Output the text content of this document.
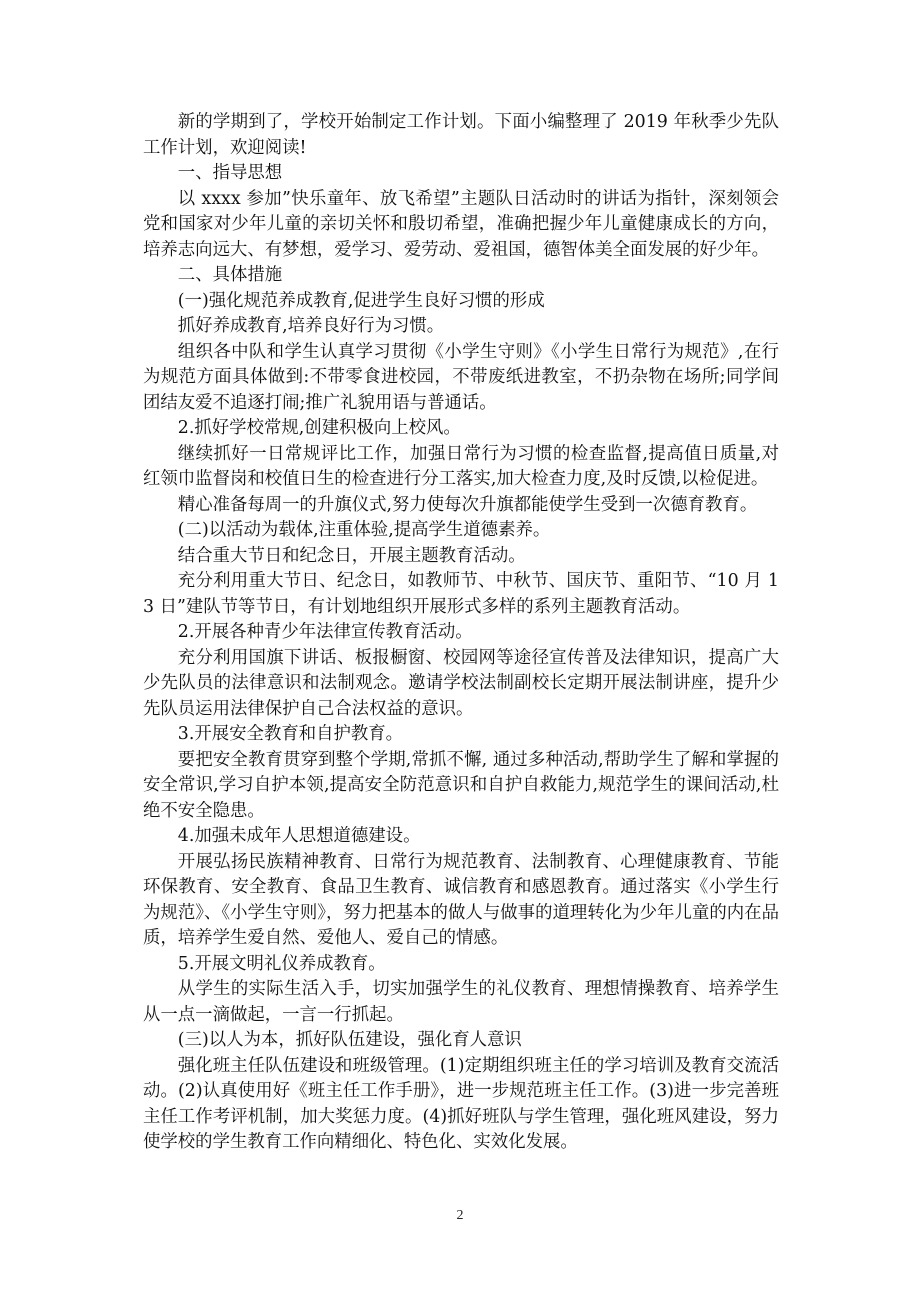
新的学期到了，学校开始制定工作计划。下面小编整理了 2019 年秋季少先队工作计划，欢迎阅读!

一、指导思想

以 xxxx 参加”快乐童年、放飞希望”主题队日活动时的讲话为指针，深刻领会党和国家对少年儿童的亲切关怀和殷切希望，准确把握少年儿童健康成长的方向，培养志向远大、有梦想，爱学习、爱劳动、爱祖国，德智体美全面发展的好少年。

二、具体措施

(一)强化规范养成教育,促进学生良好习惯的形成

抓好养成教育,培养良好行为习惯。

组织各中队和学生认真学习贯彻《小学生守则》《小学生日常行为规范》,在行为规范方面具体做到:不带零食进校园，不带废纸进教室，不扔杂物在场所;同学间团结友爱不追逐打闹;推广礼貌用语与普通话。

2.抓好学校常规,创建积极向上校风。

继续抓好一日常规评比工作，加强日常行为习惯的检查监督,提高值日质量,对红领巾监督岗和校值日生的检查进行分工落实,加大检查力度,及时反馈,以检促进。

精心准备每周一的升旗仪式,努力使每次升旗都能使学生受到一次德育教育。

(二)以活动为载体,注重体验,提高学生道德素养。

结合重大节日和纪念日，开展主题教育活动。

充分利用重大节日、纪念日，如教师节、中秋节、国庆节、重阳节、“10 月 13 日”建队节等节日，有计划地组织开展形式多样的系列主题教育活动。

2.开展各种青少年法律宣传教育活动。

充分利用国旗下讲话、板报橱窗、校园网等途径宣传普及法律知识，提高广大少先队员的法律意识和法制观念。邀请学校法制副校长定期开展法制讲座，提升少先队员运用法律保护自己合法权益的意识。

3.开展安全教育和自护教育。

要把安全教育贯穿到整个学期,常抓不懈, 通过多种活动,帮助学生了解和掌握的安全常识,学习自护本领,提高安全防范意识和自护自救能力,规范学生的课间活动,杜绝不安全隐患。

4.加强未成年人思想道德建设。

开展弘扬民族精神教育、日常行为规范教育、法制教育、心理健康教育、节能环保教育、安全教育、食品卫生教育、诚信教育和感恩教育。通过落实《小学生行为规范》、《小学生守则》，努力把基本的做人与做事的道理转化为少年儿童的内在品质，培养学生爱自然、爱他人、爱自己的情感。

5.开展文明礼仪养成教育。

从学生的实际生活入手，切实加强学生的礼仪教育、理想情操教育、培养学生从一点一滴做起，一言一行抓起。

(三)以人为本，抓好队伍建设，强化育人意识

强化班主任队伍建设和班级管理。(1)定期组织班主任的学习培训及教育交流活动。(2)认真使用好《班主任工作手册》，进一步规范班主任工作。(3)进一步完善班主任工作考评机制，加大奖惩力度。(4)抓好班队与学生管理，强化班风建设，努力使学校的学生教育工作向精细化、特色化、实效化发展。

2
